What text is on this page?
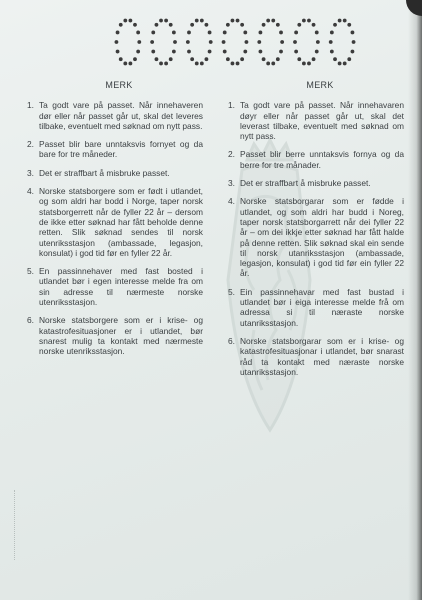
MERK
1. Ta godt vare på passet. Når innehaveren dør eller når passet går ut, skal det leveres tilbake, eventuelt med søknad om nytt pass.
2. Passet blir bare unntaksvis fornyet og da bare for tre måneder.
3. Det er straffbart å misbruke passet.
4. Norske statsborgere som er født i utlandet, og som aldri har bodd i Norge, taper norsk statsborgerrett når de fyller 22 år – dersom de ikke etter søknad har fått beholde denne retten. Slik søknad sendes til norsk utenriksstasjon (ambassade, legasjon, konsulat) i god tid før en fyller 22 år.
5. En passinnehaver med fast bosted i utlandet bør i egen interesse melde fra om sin adresse til nærmeste norske utenriksstasjon.
6. Norske statsborgere som er i krise- og katastrofesituasjoner er i utlandet, bør snarest mulig ta kontakt med nærmeste norske utenriksstasjon.
MERK
1. Ta godt vare på passet. Når innehavaren døyr eller når passet går ut, skal det leverast tilbake, eventuelt med søknad om nytt pass.
2. Passet blir berre unntaksvis fornya og da berre for tre månader.
3. Det er straffbart å misbruke passet.
4. Norske statsborgarar som er fødde i utlandet, og som aldri har budd i Noreg, taper norsk statsborgarrett når dei fyller 22 år – om dei ikkje etter søknad har fått halde på denne retten. Slik søknad skal ein sende til norsk utanriksstasjon (ambassade, legasjon, konsulat) i god tid før ein fyller 22 år.
5. Ein passinnehavar med fast bustad i utlandet bør i eiga interesse melde frå om adressa si til næraste norske utanriksstasjon.
6. Norske statsborgarar som er i krise- og katastrofesituasjonar i utlandet, bør snarast råd ta kontakt med næraste norske utanriksstasjon.
